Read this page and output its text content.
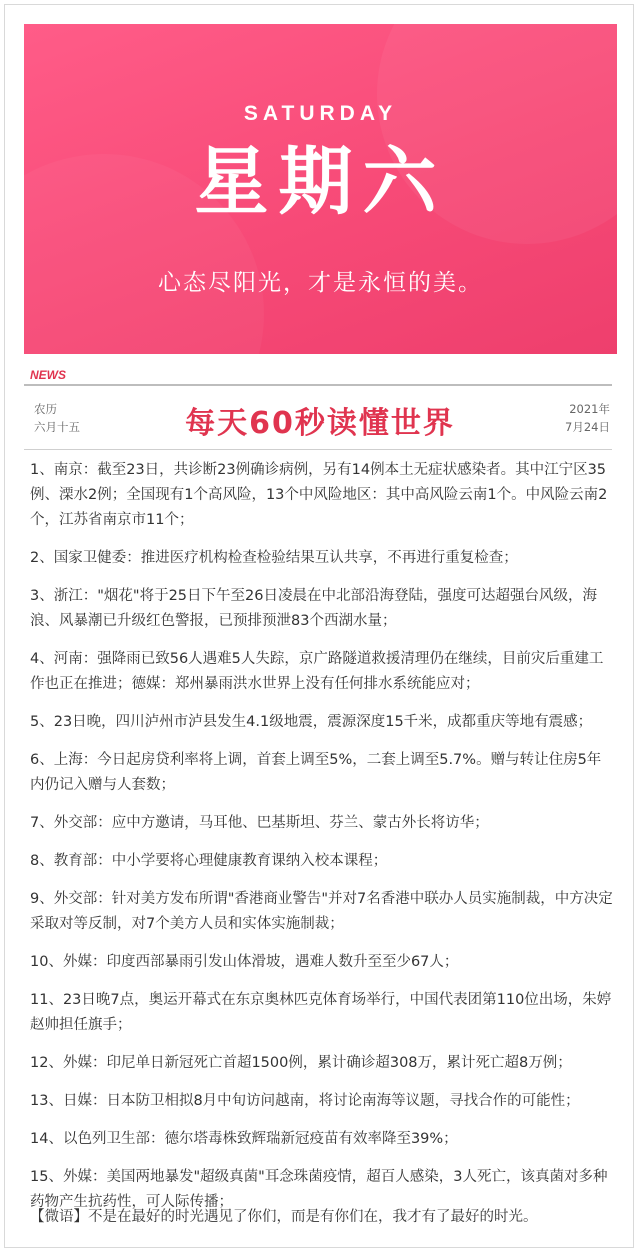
SATURDAY
星期六
心态尽阳光，才是永恒的美。
NEWS
农历
六月十五	每天60秒读懂世界	2021年
7月24日

1、南京：截至23日，共诊断23例确诊病例，另有14例本土无症状感染者。其中江宁区35例、溧水2例；全国现有1个高风险，13个中风险地区：其中高风险云南1个。中风险云南2个，江苏省南京市11个；

2、国家卫健委：推进医疗机构检查检验结果互认共享，不再进行重复检查；

3、浙江："烟花"将于25日下午至26日凌晨在中北部沿海登陆，强度可达超强台风级，海浪、风暴潮已升级红色警报，已预排预泄83个西湖水量；

4、河南：强降雨已致56人遇难5人失踪，京广路隧道救援清理仍在继续，目前灾后重建工作也正在推进；德媒：郑州暴雨洪水世界上没有任何排水系统能应对；

5、23日晚，四川泸州市泸县发生4.1级地震，震源深度15千米，成都重庆等地有震感；

6、上海：今日起房贷利率将上调，首套上调至5%，二套上调至5.7%。赠与转让住房5年内仍记入赠与人套数；

7、外交部：应中方邀请，马耳他、巴基斯坦、芬兰、蒙古外长将访华；

8、教育部：中小学要将心理健康教育课纳入校本课程；

9、外交部：针对美方发布所谓"香港商业警告"并对7名香港中联办人员实施制裁，中方决定采取对等反制，对7个美方人员和实体实施制裁；

10、外媒：印度西部暴雨引发山体滑坡，遇难人数升至至少67人；

11、23日晚7点，奥运开幕式在东京奥林匹克体育场举行，中国代表团第110位出场，朱婷赵帅担任旗手；

12、外媒：印尼单日新冠死亡首超1500例，累计确诊超308万，累计死亡超8万例；

13、日媒：日本防卫相拟8月中旬访问越南，将讨论南海等议题，寻找合作的可能性；

14、以色列卫生部：德尔塔毒株致辉瑞新冠疫苗有效率降至39%；

15、外媒：美国两地暴发"超级真菌"耳念珠菌疫情，超百人感染，3人死亡，该真菌对多种药物产生抗药性，可人际传播；

【微语】不是在最好的时光遇见了你们，而是有你们在，我才有了最好的时光。
